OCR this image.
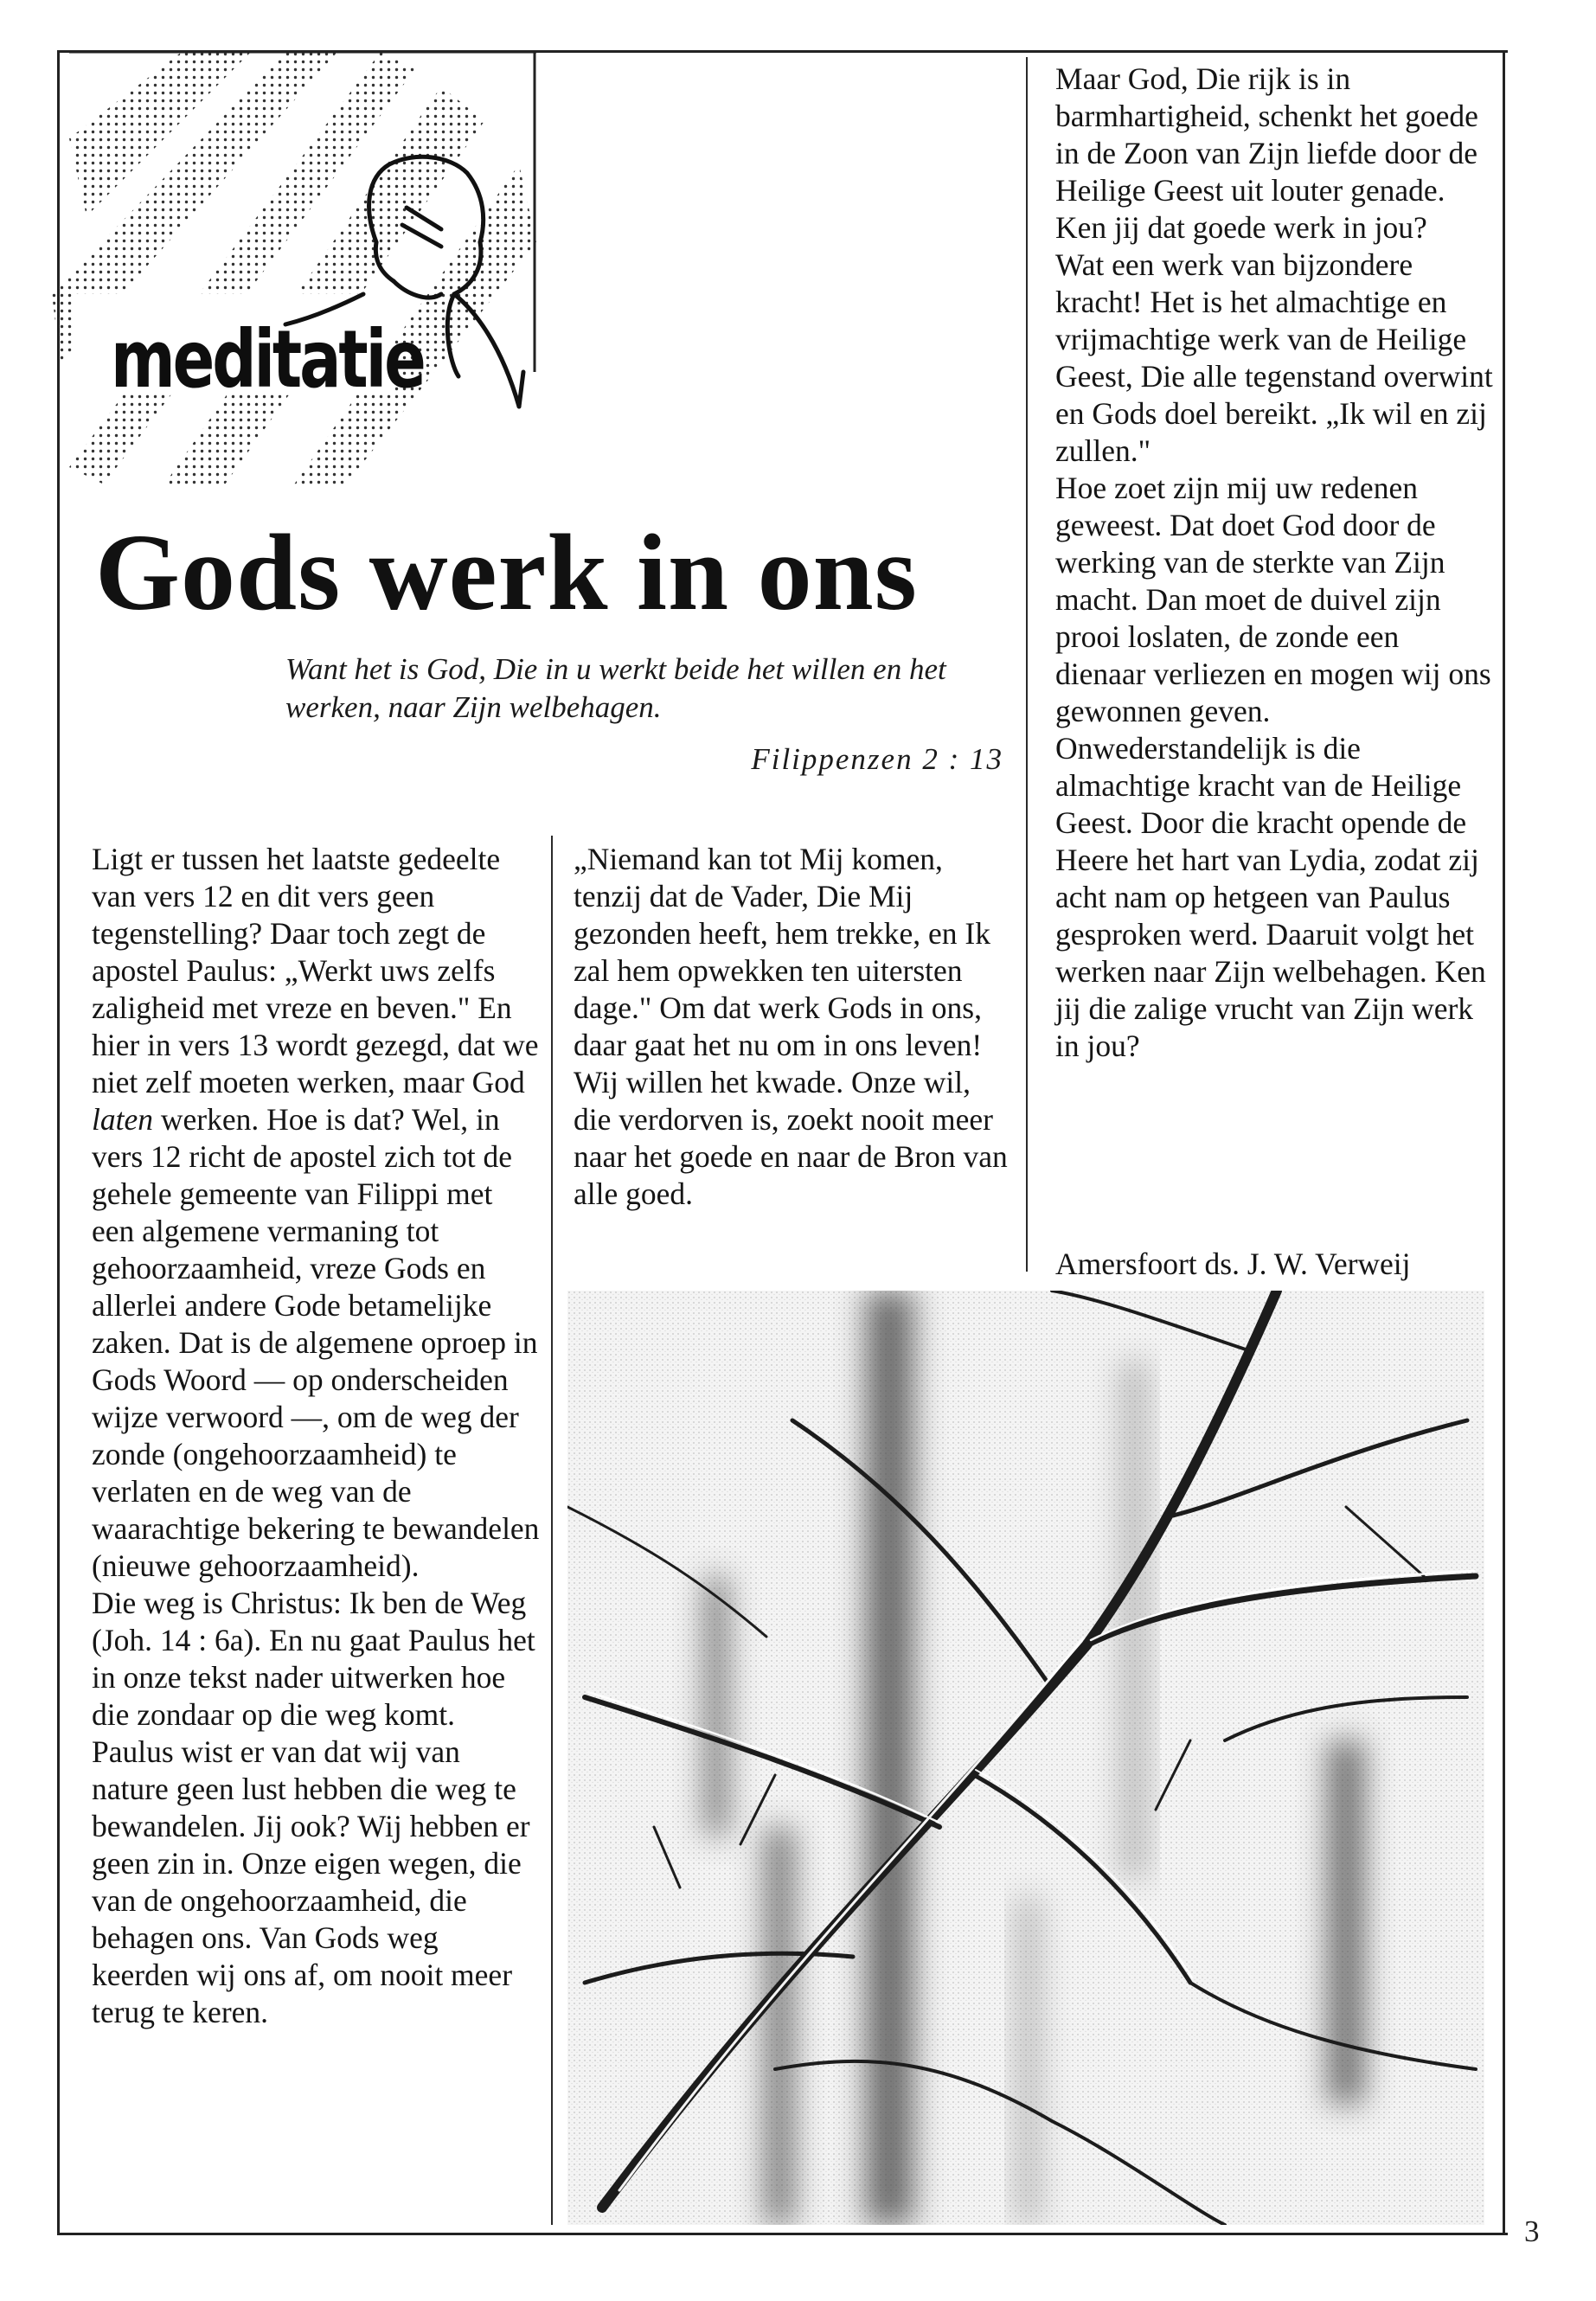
meditatie
Gods werk in ons
Want het is God, Die in u werkt beide het willen en het werken, naar Zijn welbehagen.
Filippenzen 2 : 13

Ligt er tussen het laatste gedeelte van vers 12 en dit vers geen tegenstelling? Daar toch zegt de apostel Paulus: „Werkt uws zelfs zaligheid met vreze en beven." En hier in vers 13 wordt gezegd, dat we niet zelf moeten werken, maar God laten werken. Hoe is dat? Wel, in vers 12 richt de apostel zich tot de gehele gemeente van Filippi met een algemene vermaning tot gehoorzaamheid, vreze Gods en allerlei andere Gode betamelijke zaken. Dat is de algemene oproep in Gods Woord — op onderscheiden wijze verwoord —, om de weg der zonde (ongehoorzaamheid) te verlaten en de weg van de waarachtige bekering te bewandelen (nieuwe gehoorzaamheid).

Die weg is Christus: Ik ben de Weg (Joh. 14 : 6a). En nu gaat Paulus het in onze tekst nader uitwerken hoe die zondaar op die weg komt. Paulus wist er van dat wij van nature geen lust hebben die weg te bewandelen. Jij ook? Wij hebben er geen zin in. Onze eigen wegen, die van de ongehoorzaamheid, die behagen ons. Van Gods weg keerden wij ons af, om nooit meer terug te keren.

„Niemand kan tot Mij komen, tenzij dat de Vader, Die Mij gezonden heeft, hem trekke, en Ik zal hem opwekken ten uitersten dage." Om dat werk Gods in ons, daar gaat het nu om in ons leven!

Wij willen het kwade. Onze wil, die verdorven is, zoekt nooit meer naar het goede en naar de Bron van alle goed.

Maar God, Die rijk is in barmhartigheid, schenkt het goede in de Zoon van Zijn liefde door de Heilige Geest uit louter genade. Ken jij dat goede werk in jou?

Wat een werk van bijzondere kracht! Het is het almachtige en vrijmachtige werk van de Heilige Geest, Die alle tegenstand overwint en Gods doel bereikt. „Ik wil en zij zullen."

Hoe zoet zijn mij uw redenen geweest. Dat doet God door de werking van de sterkte van Zijn macht. Dan moet de duivel zijn prooi loslaten, de zonde een dienaar verliezen en mogen wij ons gewonnen geven.

Onwederstandelijk is die almachtige kracht van de Heilige Geest. Door die kracht opende de Heere het hart van Lydia, zodat zij acht nam op hetgeen van Paulus gesproken werd. Daaruit volgt het werken naar Zijn welbehagen. Ken jij die zalige vrucht van Zijn werk in jou?

Amersfoort ds. J. W. Verweij
3
